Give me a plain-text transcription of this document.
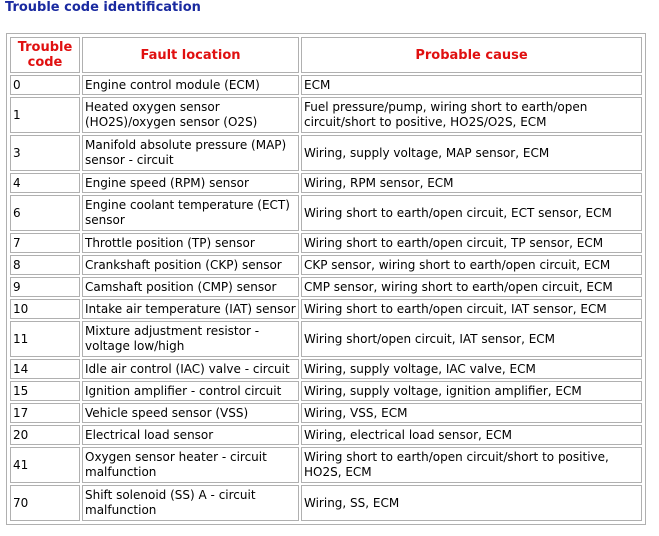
Trouble code identification
Trouble code	Fault location	Probable cause
0	Engine control module (ECM)	ECM
1	Heated oxygen sensor (HO2S)/oxygen sensor (O2S)	Fuel pressure/pump, wiring short to earth/open circuit/short to positive, HO2S/O2S, ECM
3	Manifold absolute pressure (MAP) sensor - circuit	Wiring, supply voltage, MAP sensor, ECM
4	Engine speed (RPM) sensor	Wiring, RPM sensor, ECM
6	Engine coolant temperature (ECT) sensor	Wiring short to earth/open circuit, ECT sensor, ECM
7	Throttle position (TP) sensor	Wiring short to earth/open circuit, TP sensor, ECM
8	Crankshaft position (CKP) sensor	CKP sensor, wiring short to earth/open circuit, ECM
9	Camshaft position (CMP) sensor	CMP sensor, wiring short to earth/open circuit, ECM
10	Intake air temperature (IAT) sensor	Wiring short to earth/open circuit, IAT sensor, ECM
11	Mixture adjustment resistor - voltage low/high	Wiring short/open circuit, IAT sensor, ECM
14	Idle air control (IAC) valve - circuit	Wiring, supply voltage, IAC valve, ECM
15	Ignition amplifier - control circuit	Wiring, supply voltage, ignition amplifier, ECM
17	Vehicle speed sensor (VSS)	Wiring, VSS, ECM
20	Electrical load sensor	Wiring, electrical load sensor, ECM
41	Oxygen sensor heater - circuit malfunction	Wiring short to earth/open circuit/short to positive, HO2S, ECM
70	Shift solenoid (SS) A - circuit malfunction	Wiring, SS, ECM
